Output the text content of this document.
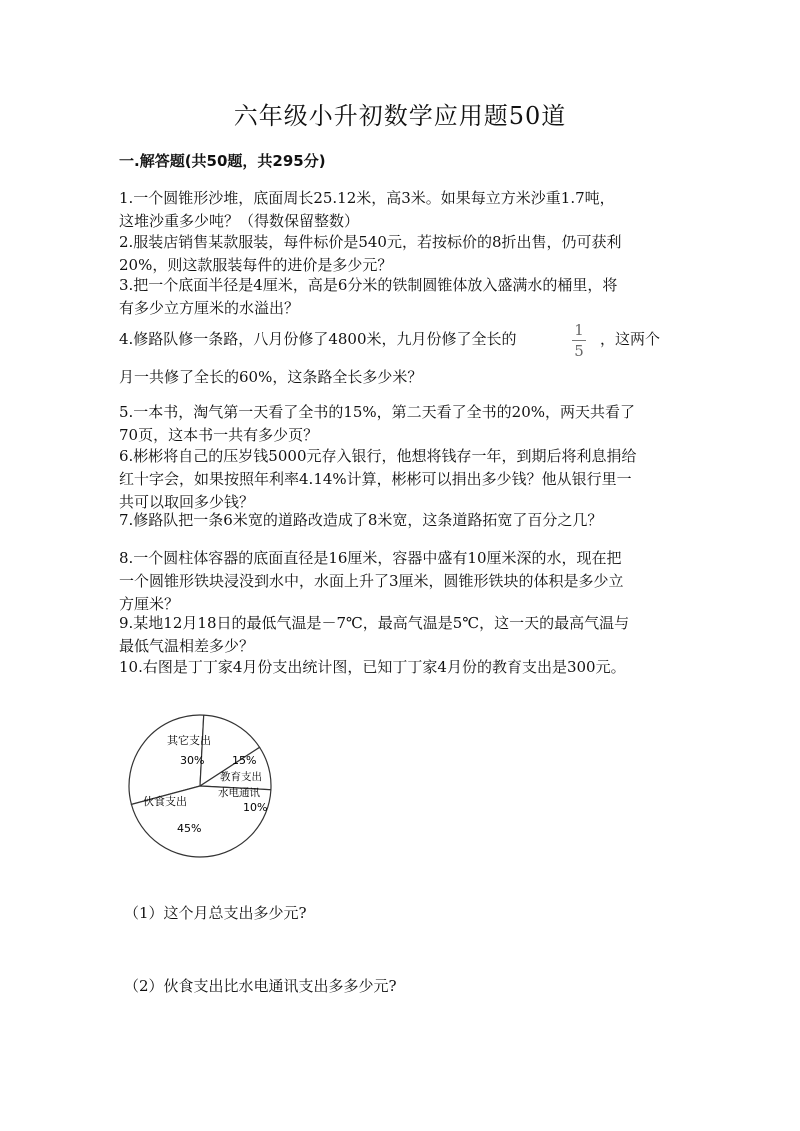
六年级小升初数学应用题50道
一.解答题(共50题，共295分)
1.一个圆锥形沙堆，底面周长25.12米，高3米。如果每立方米沙重1.7吨，
这堆沙重多少吨？（得数保留整数）
2.服装店销售某款服装，每件标价是540元，若按标价的8折出售，仍可获利
20%，则这款服装每件的进价是多少元？
3.把一个底面半径是4厘米，高是6分米的铁制圆锥体放入盛满水的桶里，将
有多少立方厘米的水溢出？
4.修路队修一条路，八月份修了4800米，九月份修了全长的	1
5
，这两个
月一共修了全长的60%，这条路全长多少米？
5.一本书，淘气第一天看了全书的15%，第二天看了全书的20%，两天共看了
70页，这本书一共有多少页？
6.彬彬将自己的压岁钱5000元存入银行，他想将钱存一年，到期后将利息捐给
红十字会，如果按照年利率4.14%计算，彬彬可以捐出多少钱？他从银行里一
共可以取回多少钱？
7.修路队把一条6米宽的道路改造成了8米宽，这条道路拓宽了百分之几？
8.一个圆柱体容器的底面直径是16厘米，容器中盛有10厘米深的水，现在把
一个圆锥形铁块浸没到水中，水面上升了3厘米，圆锥形铁块的体积是多少立
方厘米？
9.某地12月18日的最低气温是－7℃，最高气温是5℃，这一天的最高气温与
最低气温相差多少？
10.右图是丁丁家4月份支出统计图，已知丁丁家4月份的教育支出是300元。
其它支出
30%	15%
教育支出
水电通讯
10%
伙食支出
45%
（1）这个月总支出多少元?
（2）伙食支出比水电通讯支出多多少元?
